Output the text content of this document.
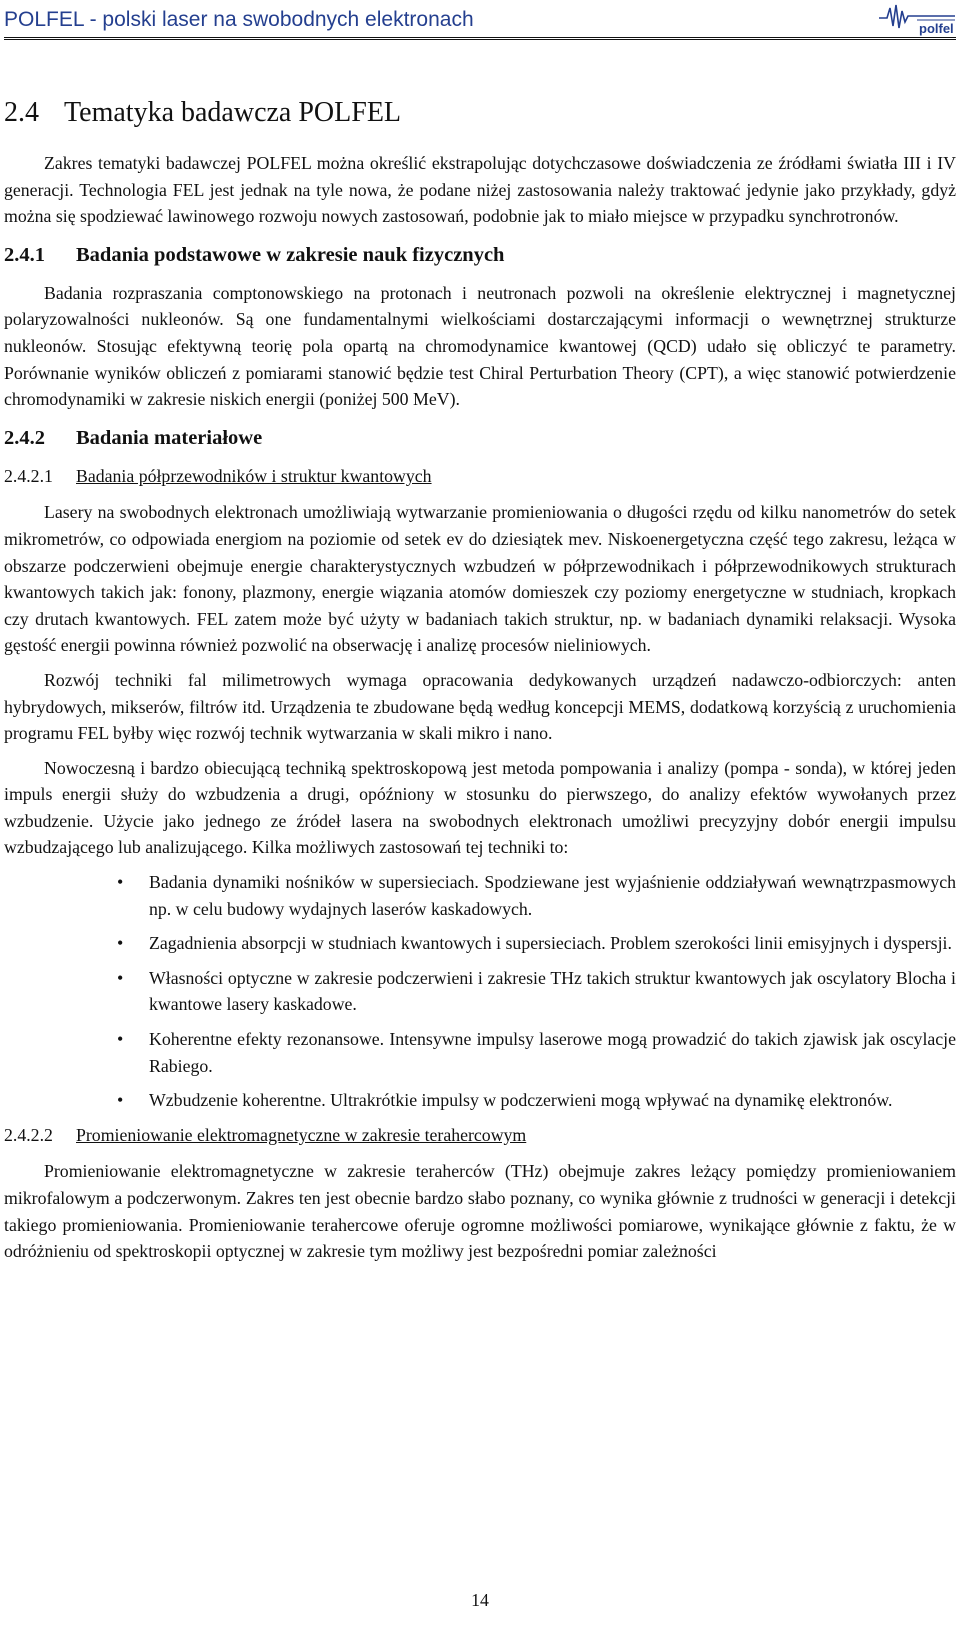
POLFEL - polski laser na swobodnych elektronach	polfel
2.4 Tematyka badawcza POLFEL

Zakres tematyki badawczej POLFEL można określić ekstrapolując dotychczasowe doświadczenia ze źródłami światła III i IV generacji. Technologia FEL jest jednak na tyle nowa, że podane niżej zastosowania należy traktować jedynie jako przykłady, gdyż można się spodziewać lawinowego rozwoju nowych zastosowań, podobnie jak to miało miejsce w przypadku synchrotronów.

2.4.1 Badania podstawowe w zakresie nauk fizycznych

Badania rozpraszania comptonowskiego na protonach i neutronach pozwoli na określenie elektrycznej i magnetycznej polaryzowalności nukleonów. Są one fundamentalnymi wielkościami dostarczającymi informacji o wewnętrznej strukturze nukleonów. Stosując efektywną teorię pola opartą na chromodynamice kwantowej (QCD) udało się obliczyć te parametry. Porównanie wyników obliczeń z pomiarami stanowić będzie test Chiral Perturbation Theory (CPT), a więc stanowić potwierdzenie chromodynamiki w zakresie niskich energii (poniżej 500 MeV).

2.4.2 Badania materiałowe
2.4.2.1 Badania półprzewodników i struktur kwantowych

Lasery na swobodnych elektronach umożliwiają wytwarzanie promieniowania o długości rzędu od kilku nanometrów do setek mikrometrów, co odpowiada energiom na poziomie od setek ev do dziesiątek mev. Niskoenergetyczna część tego zakresu, leżąca w obszarze podczerwieni obejmuje energie charakterystycznych wzbudzeń w półprzewodnikach i półprzewodnikowych strukturach kwantowych takich jak: fonony, plazmony, energie wiązania atomów domieszek czy poziomy energetyczne w studniach, kropkach czy drutach kwantowych. FEL zatem może być użyty w badaniach takich struktur, np. w badaniach dynamiki relaksacji. Wysoka gęstość energii powinna również pozwolić na obserwację i analizę procesów nieliniowych.

Rozwój techniki fal milimetrowych wymaga opracowania dedykowanych urządzeń nadawczo-odbiorczych: anten hybrydowych, mikserów, filtrów itd. Urządzenia te zbudowane będą według koncepcji MEMS, dodatkową korzyścią z uruchomienia programu FEL byłby więc rozwój technik wytwarzania w skali mikro i nano.

Nowoczesną i bardzo obiecującą techniką spektroskopową jest metoda pompowania i analizy (pompa - sonda), w której jeden impuls energii służy do wzbudzenia a drugi, opóźniony w stosunku do pierwszego, do analizy efektów wywołanych przez wzbudzenie. Użycie jako jednego ze źródeł lasera na swobodnych elektronach umożliwi precyzyjny dobór energii impulsu wzbudzającego lub analizującego. Kilka możliwych zastosowań tej techniki to:

• Badania dynamiki nośników w supersieciach. Spodziewane jest wyjaśnienie oddziaływań wewnątrzpasmowych np. w celu budowy wydajnych laserów kaskadowych.
• Zagadnienia absorpcji w studniach kwantowych i supersieciach. Problem szerokości linii emisyjnych i dyspersji.
• Własności optyczne w zakresie podczerwieni i zakresie THz takich struktur kwantowych jak oscylatory Blocha i kwantowe lasery kaskadowe.
• Koherentne efekty rezonansowe. Intensywne impulsy laserowe mogą prowadzić do takich zjawisk jak oscylacje Rabiego.
• Wzbudzenie koherentne. Ultrakrótkie impulsy w podczerwieni mogą wpływać na dynamikę elektronów.
2.4.2.2 Promieniowanie elektromagnetyczne w zakresie terahercowym

Promieniowanie elektromagnetyczne w zakresie teraherców (THz) obejmuje zakres leżący pomiędzy promieniowaniem mikrofalowym a podczerwonym. Zakres ten jest obecnie bardzo słabo poznany, co wynika głównie z trudności w generacji i detekcji takiego promieniowania. Promieniowanie terahercowe oferuje ogromne możliwości pomiarowe, wynikające głównie z faktu, że w odróżnieniu od spektroskopii optycznej w zakresie tym możliwy jest bezpośredni pomiar zależności

14
